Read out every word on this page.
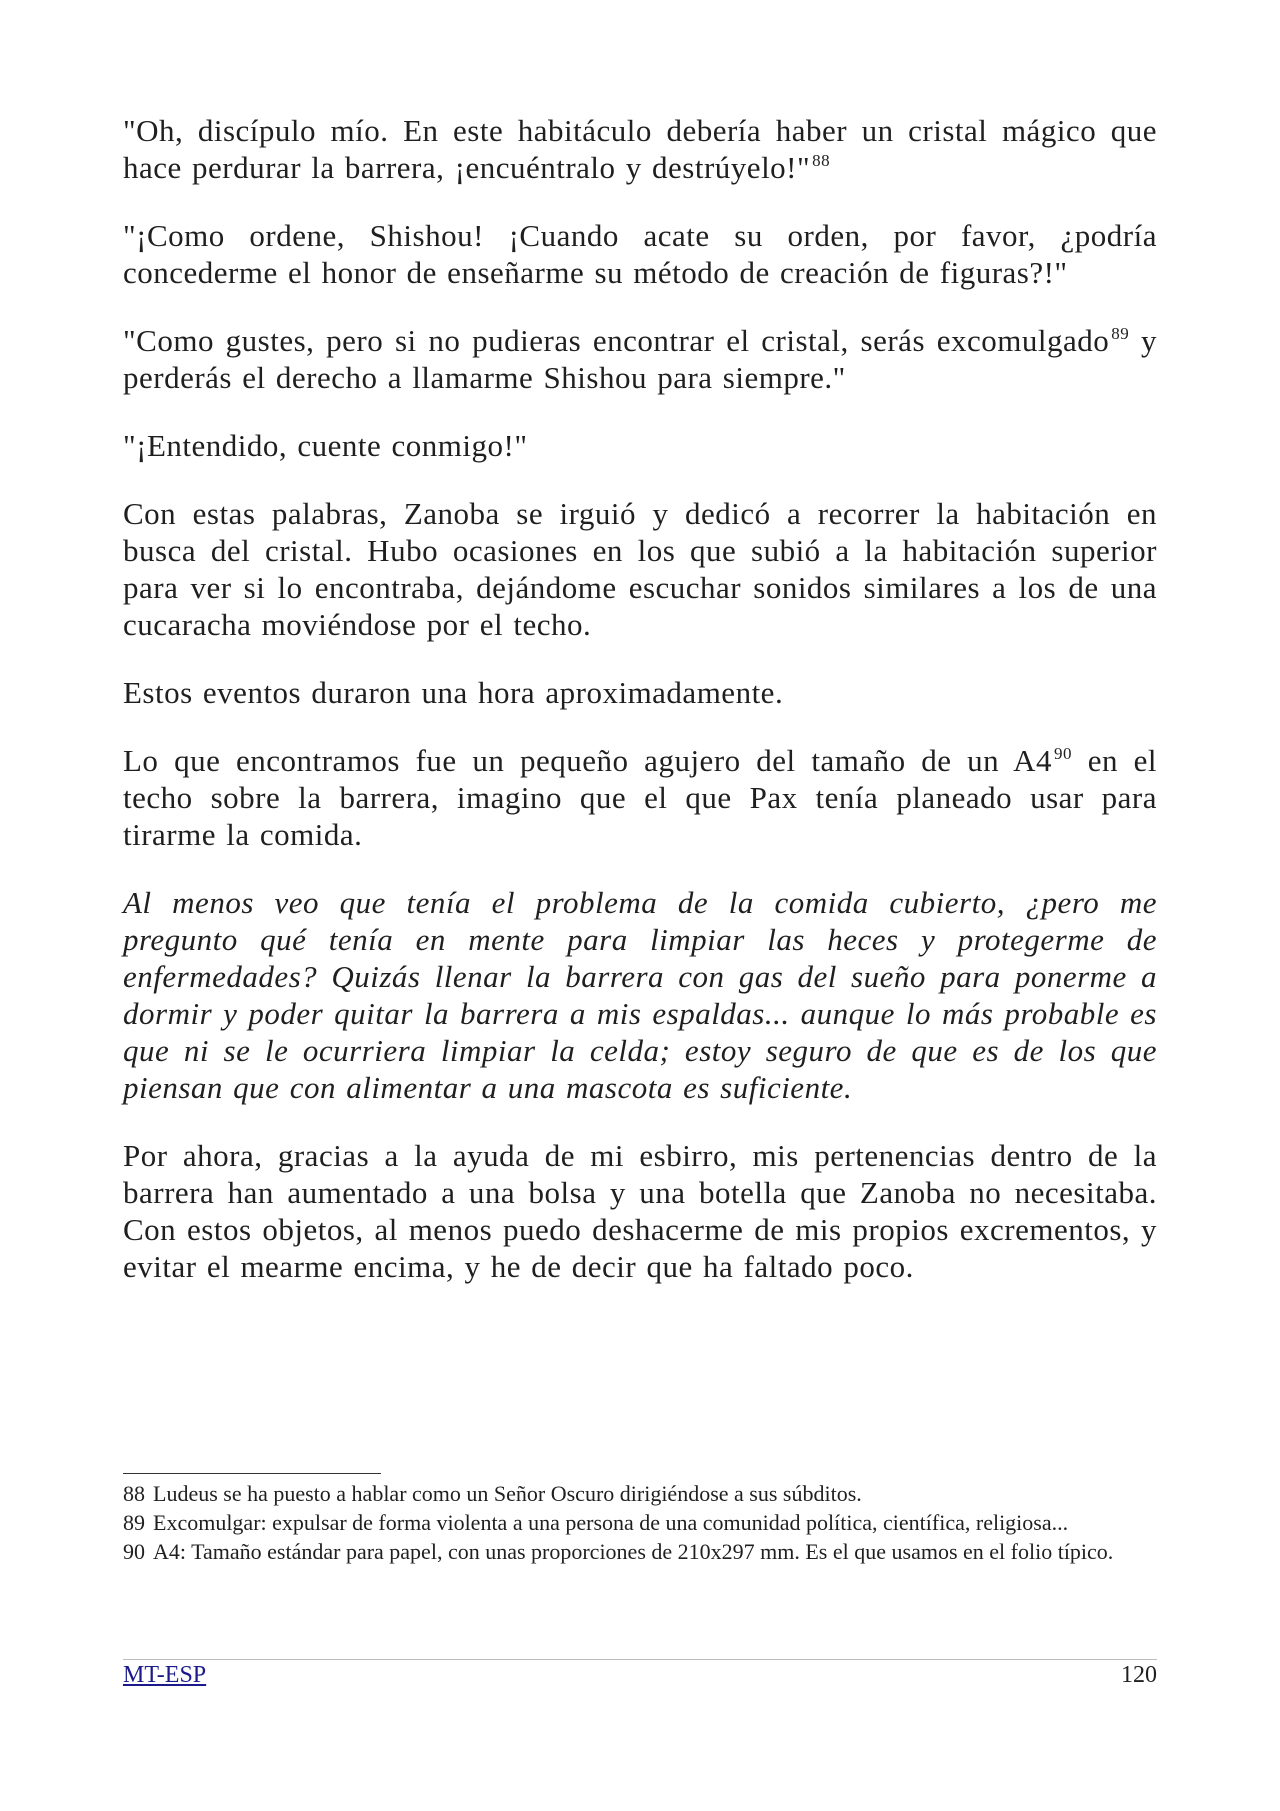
"Oh, discípulo mío. En este habitáculo debería haber un cristal mágico que hace perdurar la barrera, ¡encuéntralo y destrúyelo!" $^{88}$

"¡Como ordene, Shishou! ¡Cuando acate su orden, por favor, ¿podría concederme el honor de enseñarme su método de creación de figuras?!"

"Como gustes, pero si no pudieras encontrar el cristal, serás excomulgado $^{89}$ y perderás el derecho a llamarme Shishou para siempre."

"¡Entendido, cuente conmigo!"

Con estas palabras, Zanoba se irguió y dedicó a recorrer la habitación en busca del cristal. Hubo ocasiones en los que subió a la habitación superior para ver si lo encontraba, dejándome escuchar sonidos similares a los de una cucaracha moviéndose por el techo.

Estos eventos duraron una hora aproximadamente.

Lo que encontramos fue un pequeño agujero del tamaño de un A4 $^{90}$ en el techo sobre la barrera, imagino que el que Pax tenía planeado usar para tirarme la comida.

Al menos veo que tenía el problema de la comida cubierto, ¿pero me pregunto qué tenía en mente para limpiar las heces y protegerme de enfermedades? Quizás llenar la barrera con gas del sueño para ponerme a dormir y poder quitar la barrera a mis espaldas... aunque lo más probable es que ni se le ocurriera limpiar la celda; estoy seguro de que es de los que piensan que con alimentar a una mascota es suficiente.

Por ahora, gracias a la ayuda de mi esbirro, mis pertenencias dentro de la barrera han aumentado a una bolsa y una botella que Zanoba no necesitaba. Con estos objetos, al menos puedo deshacerme de mis propios excrementos, y evitar el mearme encima, y he de decir que ha faltado poco.

88 Ludeus se ha puesto a hablar como un Señor Oscuro dirigiéndose a sus súbditos.
89 Excomulgar: expulsar de forma violenta a una persona de una comunidad política, científica, religiosa...
90 A4: Tamaño estándar para papel, con unas proporciones de 210x297 mm. Es el que usamos en el folio típico.
MT-ESP	120
